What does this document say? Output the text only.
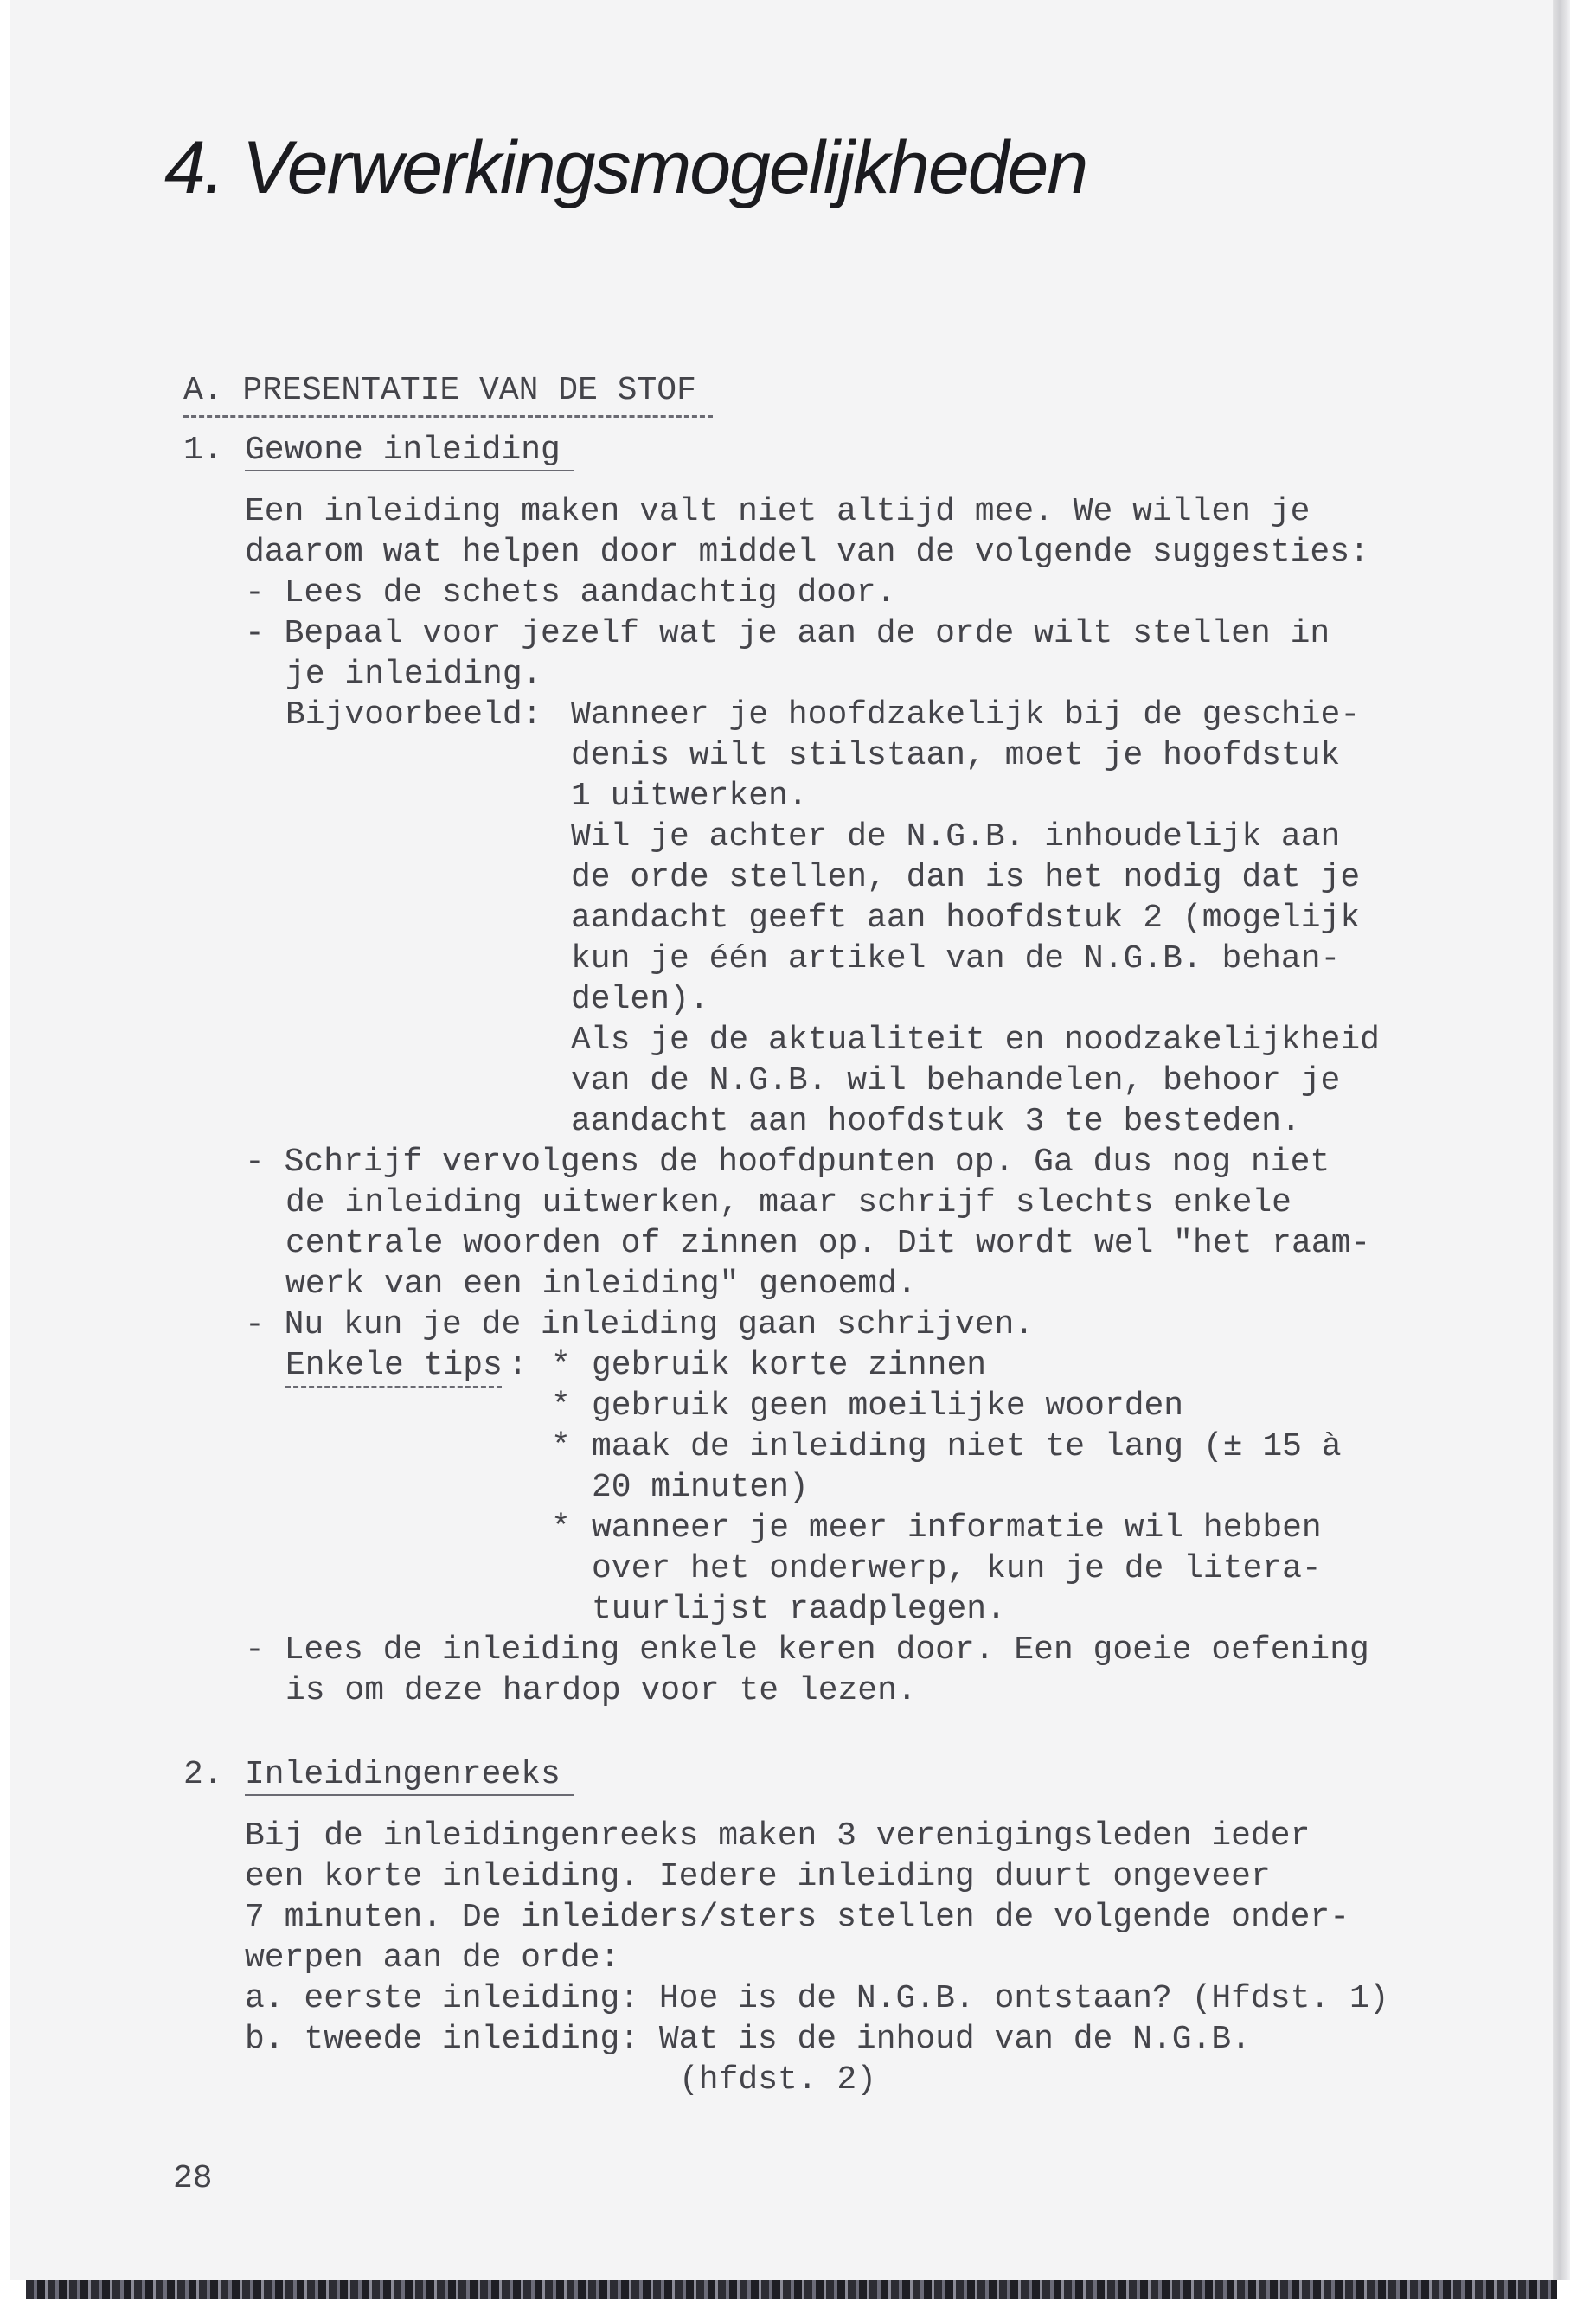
4. Verwerkingsmogelijkheden
A. PRESENTATIE VAN DE STOF
1. Gewone inleiding
Een inleiding maken valt niet altijd mee. We willen je
daarom wat helpen door middel van de volgende suggesties:
- Lees de schets aandachtig door.
- Bepaal voor jezelf wat je aan de orde wilt stellen in
je inleiding.
Bijvoorbeeld: Wanneer je hoofdzakelijk bij de geschie-
denis wilt stilstaan, moet je hoofdstuk
1 uitwerken.
Wil je achter de N.G.B. inhoudelijk aan
de orde stellen, dan is het nodig dat je
aandacht geeft aan hoofdstuk 2 (mogelijk
kun je één artikel van de N.G.B. behan-
delen).
Als je de aktualiteit en noodzakelijkheid
van de N.G.B. wil behandelen, behoor je
aandacht aan hoofdstuk 3 te besteden.
- Schrijf vervolgens de hoofdpunten op. Ga dus nog niet
de inleiding uitwerken, maar schrijf slechts enkele
centrale woorden of zinnen op. Dit wordt wel "het raam-
werk van een inleiding" genoemd.
- Nu kun je de inleiding gaan schrijven.
Enkele tips : * gebruik korte zinnen
* gebruik geen moeilijke woorden
* maak de inleiding niet te lang (± 15 à
20 minuten)
* wanneer je meer informatie wil hebben
over het onderwerp, kun je de litera-
tuurlijst raadplegen.
- Lees de inleiding enkele keren door. Een goeie oefening
is om deze hardop voor te lezen.
2. Inleidingenreeks
Bij de inleidingenreeks maken 3 verenigingsleden ieder
een korte inleiding. Iedere inleiding duurt ongeveer
7 minuten. De inleiders/sters stellen de volgende onder-
werpen aan de orde:
a. eerste inleiding: Hoe is de N.G.B. ontstaan? (Hfdst. 1)
b. tweede inleiding: Wat is de inhoud van de N.G.B.
(hfdst. 2)
28
